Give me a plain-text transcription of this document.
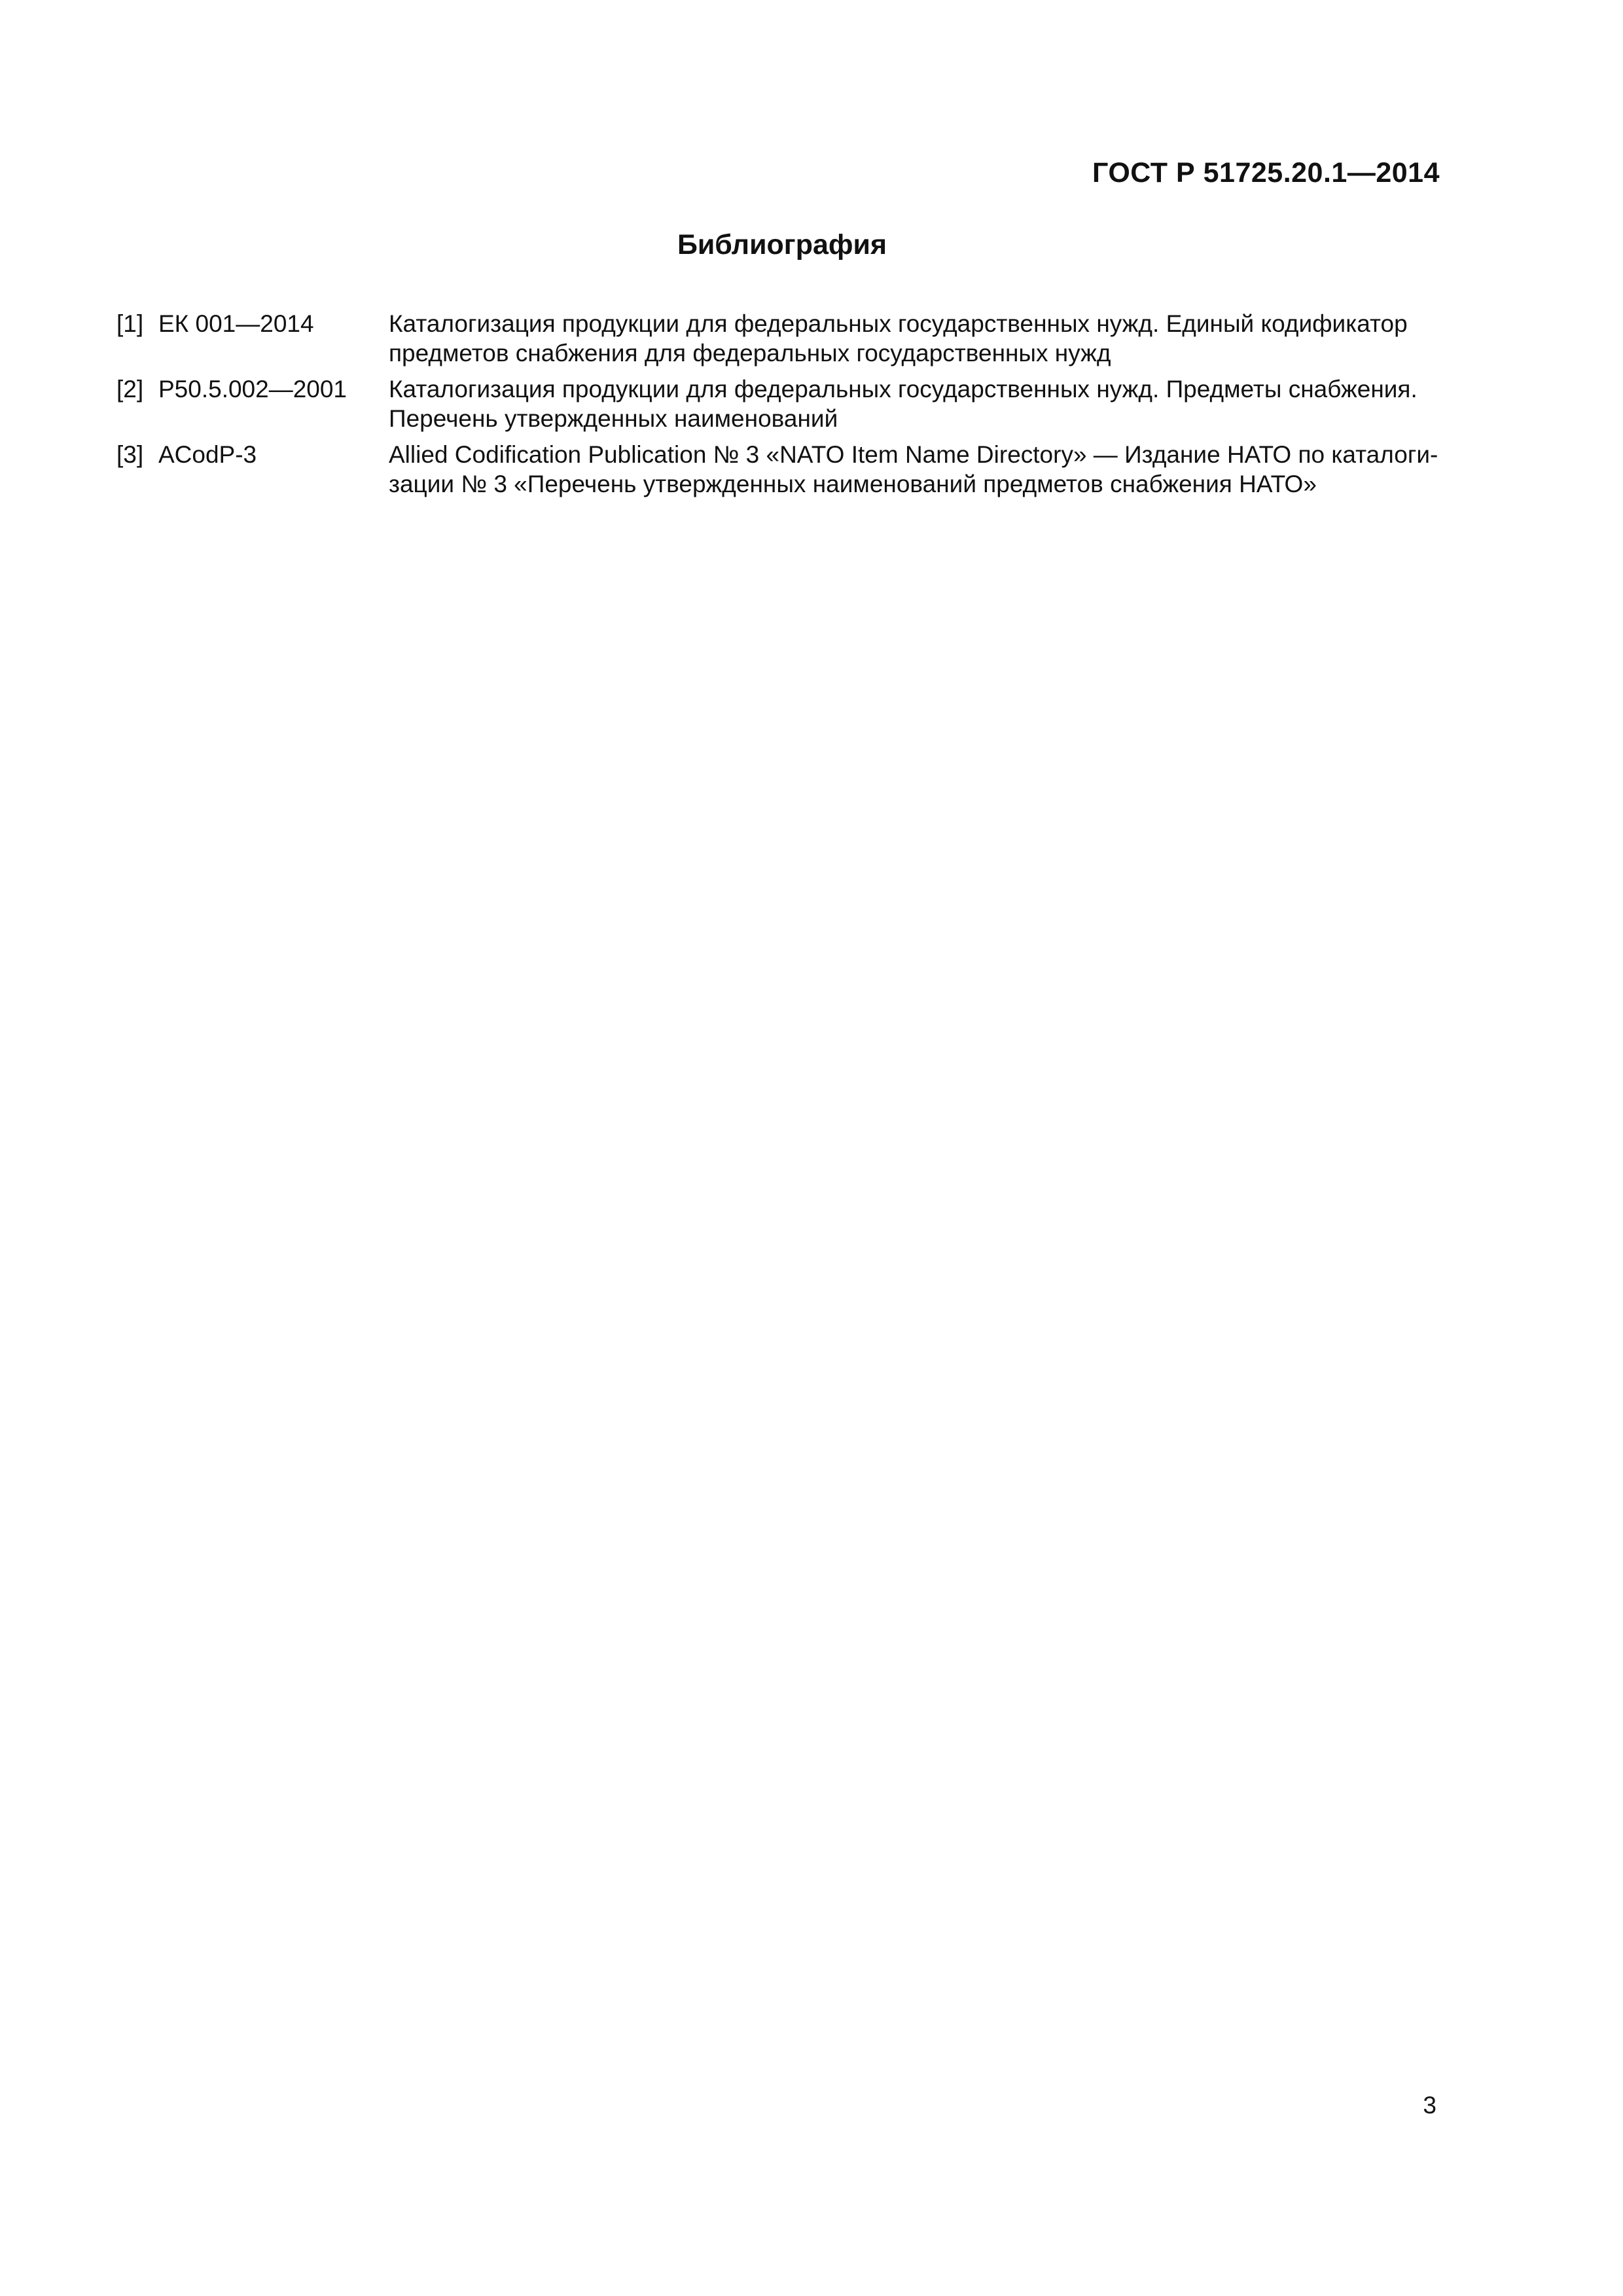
ГОСТ Р 51725.20.1—2014
Библиография
[1] ЕК 001—2014	Каталогизация продукции для федеральных государственных нужд. Единый кодификатор
предметов снабжения для федеральных государственных нужд
[2] Р50.5.002—2001	Каталогизация продукции для федеральных государственных нужд. Предметы снабжения.
Перечень утвержденных наименований
[3] ACodP-3	Allied Codification Publication № 3 «NATO Item Name Directory» — Издание НАТО по каталоги-
зации № 3 «Перечень утвержденных наименований предметов снабжения НАТО»
3
